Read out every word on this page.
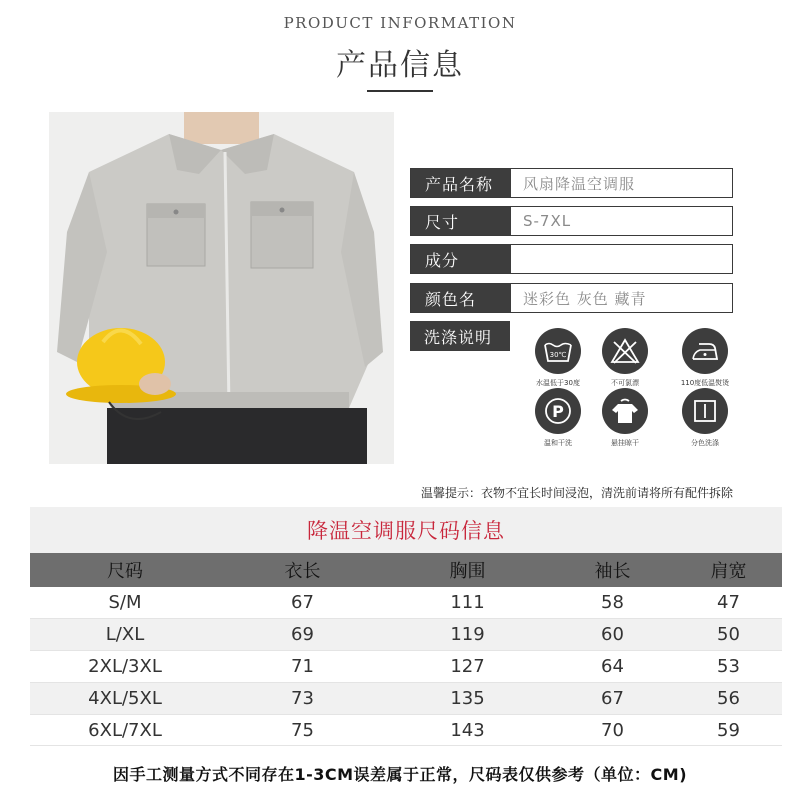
PRODUCT INFORMATION
产品信息
产品名称	风扇降温空调服
尺寸	S-7XL
成分
颜色名	迷彩色 灰色 藏青
洗涤说明
30℃
水温低于30度	不可氯漂	110度低温熨烫
P
温和干洗	悬挂晾干	分色洗涤
温馨提示：衣物不宜长时间浸泡，清洗前请将所有配件拆除
降温空调服尺码信息
尺码	衣长	胸围	袖长	肩宽
S/M	67	111	58	47
L/XL	69	119	60	50
2XL/3XL	71	127	64	53
4XL/5XL	73	135	67	56
6XL/7XL	75	143	70	59
因手工测量方式不同存在1-3CM误差属于正常，尺码表仅供参考（单位：CM)
